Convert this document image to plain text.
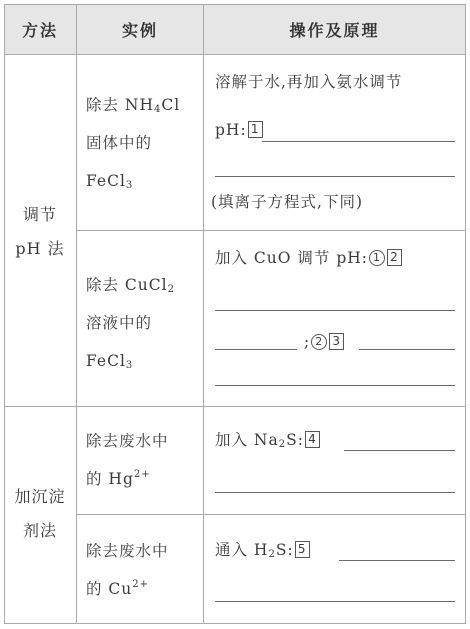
方法	实例	操作及原理
调节
pH 法
加沉淀
剂法
除去 $NH_4Cl$
固体中的
FeCl$_3$
溶解于水,再加入氨水调节
pH: 1
(填离子方程式,下同)
除去 CuCl$_2$
溶液中的
FeCl$_3$
加入 CuO 调节 pH: 1 2
; 2 3
除去废水中
的 $Hg^{2+}$
加入 $Na_2S$: 4
除去废水中
的 $Cu^{2+}$
通入 $H_2S$: 5
